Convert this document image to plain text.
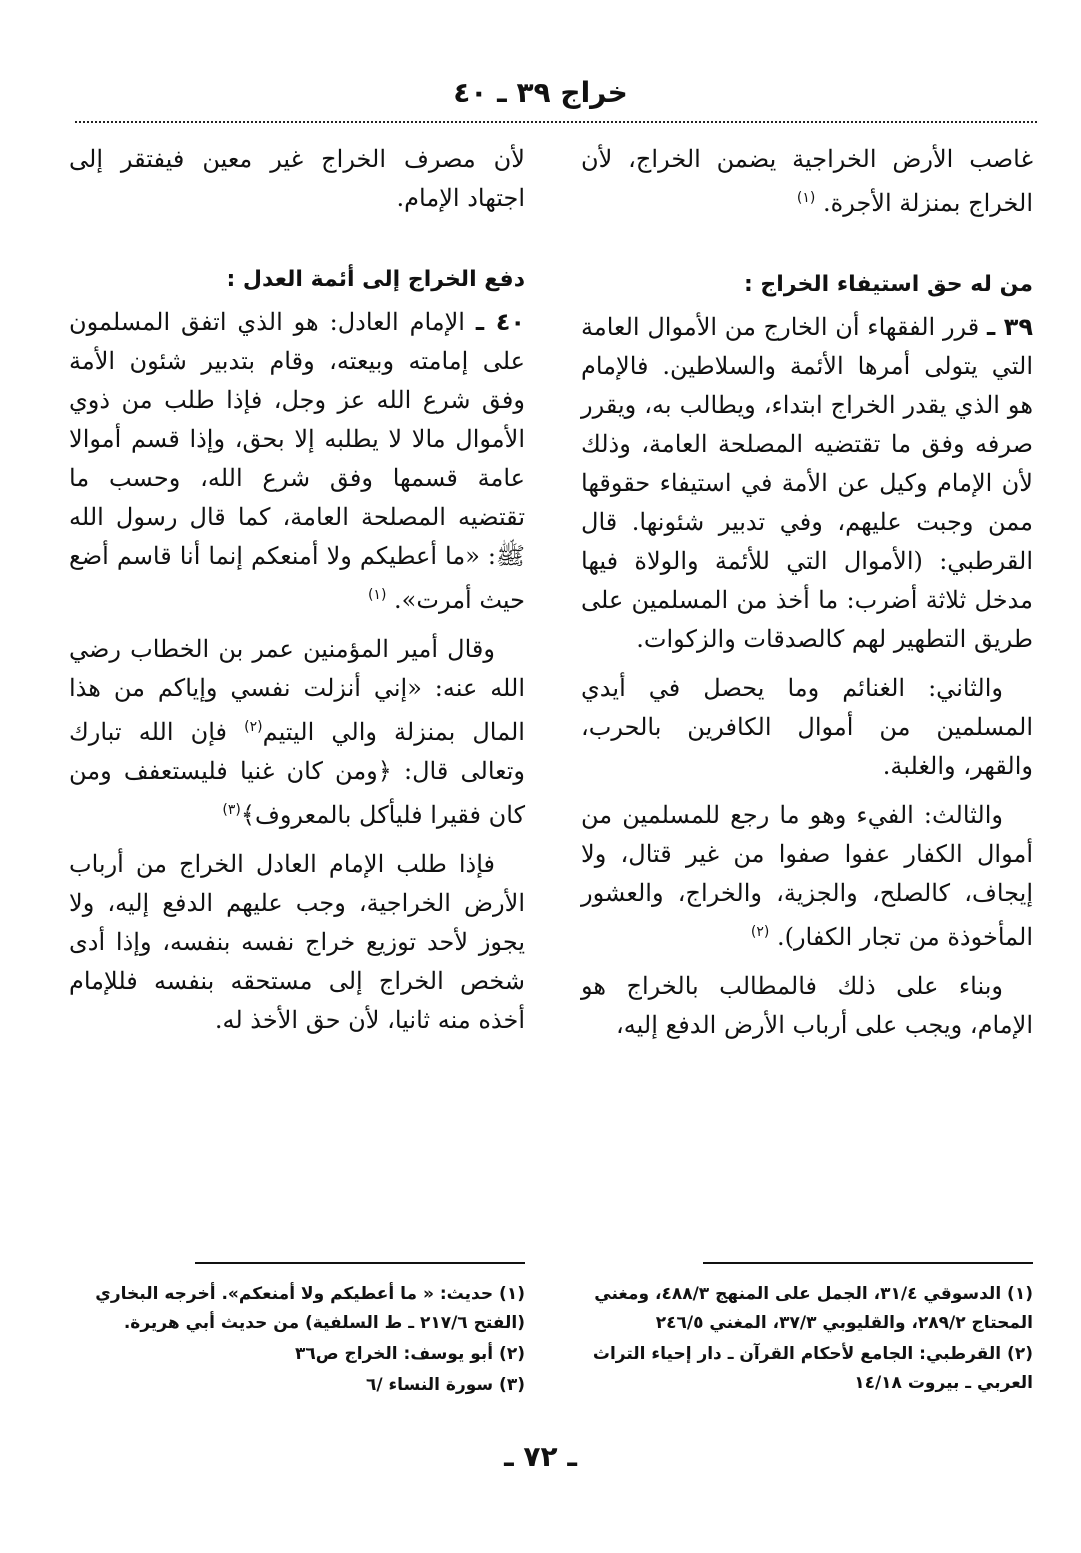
خراج ٣٩ ـ ٤٠

غاصب الأرض الخراجية يضمن الخراج، لأن الخراج بمنزلة الأجرة. $^{(١)}$

من له حق استيفاء الخراج :

٣٩ ـ قرر الفقهاء أن الخارج من الأموال العامة التي يتولى أمرها الأئمة والسلاطين. فالإمام هو الذي يقدر الخراج ابتداء، ويطالب به، ويقرر صرفه وفق ما تقتضيه المصلحة العامة، وذلك لأن الإمام وكيل عن الأمة في استيفاء حقوقها ممن وجبت عليهم، وفي تدبير شئونها. قال القرطبي: (الأموال التي للأئمة والولاة فيها مدخل ثلاثة أضرب: ما أخذ من المسلمين على طريق التطهير لهم كالصدقات والزكوات.

والثاني: الغنائم وما يحصل في أيدي المسلمين من أموال الكافرين بالحرب، والقهر، والغلبة.

والثالث: الفيء وهو ما رجع للمسلمين من أموال الكفار عفوا صفوا من غير قتال، ولا إيجاف، كالصلح، والجزية، والخراج، والعشور المأخوذة من تجار الكفار). $^{(٢)}$

وبناء على ذلك فالمطالب بالخراج هو الإمام، ويجب على أرباب الأرض الدفع إليه،

لأن مصرف الخراج غير معين فيفتقر إلى اجتهاد الإمام.

دفع الخراج إلى أئمة العدل :

٤٠ ـ الإمام العادل: هو الذي اتفق المسلمون على إمامته وبيعته، وقام بتدبير شئون الأمة وفق شرع الله عز وجل، فإذا طلب من ذوي الأموال مالا لا يطلبه إلا بحق، وإذا قسم أموالا عامة قسمها وفق شرع الله، وحسب ما تقتضيه المصلحة العامة، كما قال رسول الله ﷺ: «ما أعطيكم ولا أمنعكم إنما أنا قاسم أضع حيث أمرت». $^{(١)}$

وقال أمير المؤمنين عمر بن الخطاب رضي الله عنه: «إني أنزلت نفسي وإياكم من هذا المال بمنزلة والي اليتيم$^{(٢)}$ فإن الله تبارك وتعالى قال: ﴿ومن كان غنيا فليستعفف ومن كان فقيرا فليأكل بالمعروف﴾$^{(٣)}$

فإذا طلب الإمام العادل الخراج من أرباب الأرض الخراجية، وجب عليهم الدفع إليه، ولا يجوز لأحد توزيع خراج نفسه بنفسه، وإذا أدى شخص الخراج إلى مستحقه بنفسه فللإمام أخذه منه ثانيا، لأن حق الأخذ له.

(١) الدسوقي ٣١/٤، الجمل على المنهج ٤٨٨/٣، ومغني المحتاج ٢٨٩/٢، والقليوبي ٣٧/٣، المغني ٢٤٦/٥
(٢) القرطبي: الجامع لأحكام القرآن ـ دار إحياء التراث العربي ـ بيروت ١٤/١٨
(١) حديث: « ما أعطيكم ولا أمنعكم». أخرجه البخاري (الفتح ٢١٧/٦ ـ ط السلفية) من حديث أبي هريرة.
(٢) أبو يوسف: الخراج ص٣٦
(٣) سورة النساء /٦
ـ ٧٢ ـ
